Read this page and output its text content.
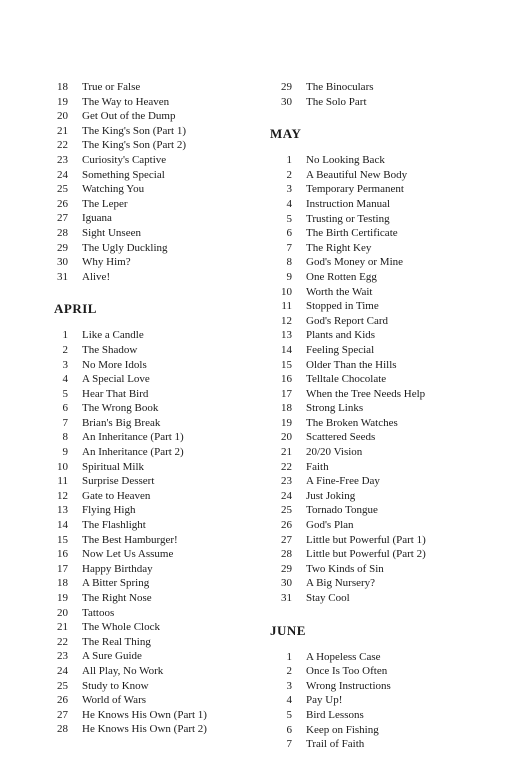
18	True or False
19	The Way to Heaven
20	Get Out of the Dump
21	The King's Son (Part 1)
22	The King's Son (Part 2)
23	Curiosity's Captive
24	Something Special
25	Watching You
26	The Leper
27	Iguana
28	Sight Unseen
29	The Ugly Duckling
30	Why Him?
31	Alive!
APRIL
1	Like a Candle
2	The Shadow
3	No More Idols
4	A Special Love
5	Hear That Bird
6	The Wrong Book
7	Brian's Big Break
8	An Inheritance (Part 1)
9	An Inheritance (Part 2)
10	Spiritual Milk
11	Surprise Dessert
12	Gate to Heaven
13	Flying High
14	The Flashlight
15	The Best Hamburger!
16	Now Let Us Assume
17	Happy Birthday
18	A Bitter Spring
19	The Right Nose
20	Tattoos
21	The Whole Clock
22	The Real Thing
23	A Sure Guide
24	All Play, No Work
25	Study to Know
26	World of Wars
27	He Knows His Own (Part 1)
28	He Knows His Own (Part 2)
29	The Binoculars
30	The Solo Part
MAY
1	No Looking Back
2	A Beautiful New Body
3	Temporary Permanent
4	Instruction Manual
5	Trusting or Testing
6	The Birth Certificate
7	The Right Key
8	God's Money or Mine
9	One Rotten Egg
10	Worth the Wait
11	Stopped in Time
12	God's Report Card
13	Plants and Kids
14	Feeling Special
15	Older Than the Hills
16	Telltale Chocolate
17	When the Tree Needs Help
18	Strong Links
19	The Broken Watches
20	Scattered Seeds
21	20/20 Vision
22	Faith
23	A Fine-Free Day
24	Just Joking
25	Tornado Tongue
26	God's Plan
27	Little but Powerful (Part 1)
28	Little but Powerful (Part 2)
29	Two Kinds of Sin
30	A Big Nursery?
31	Stay Cool
JUNE
1	A Hopeless Case
2	Once Is Too Often
3	Wrong Instructions
4	Pay Up!
5	Bird Lessons
6	Keep on Fishing
7	Trail of Faith
